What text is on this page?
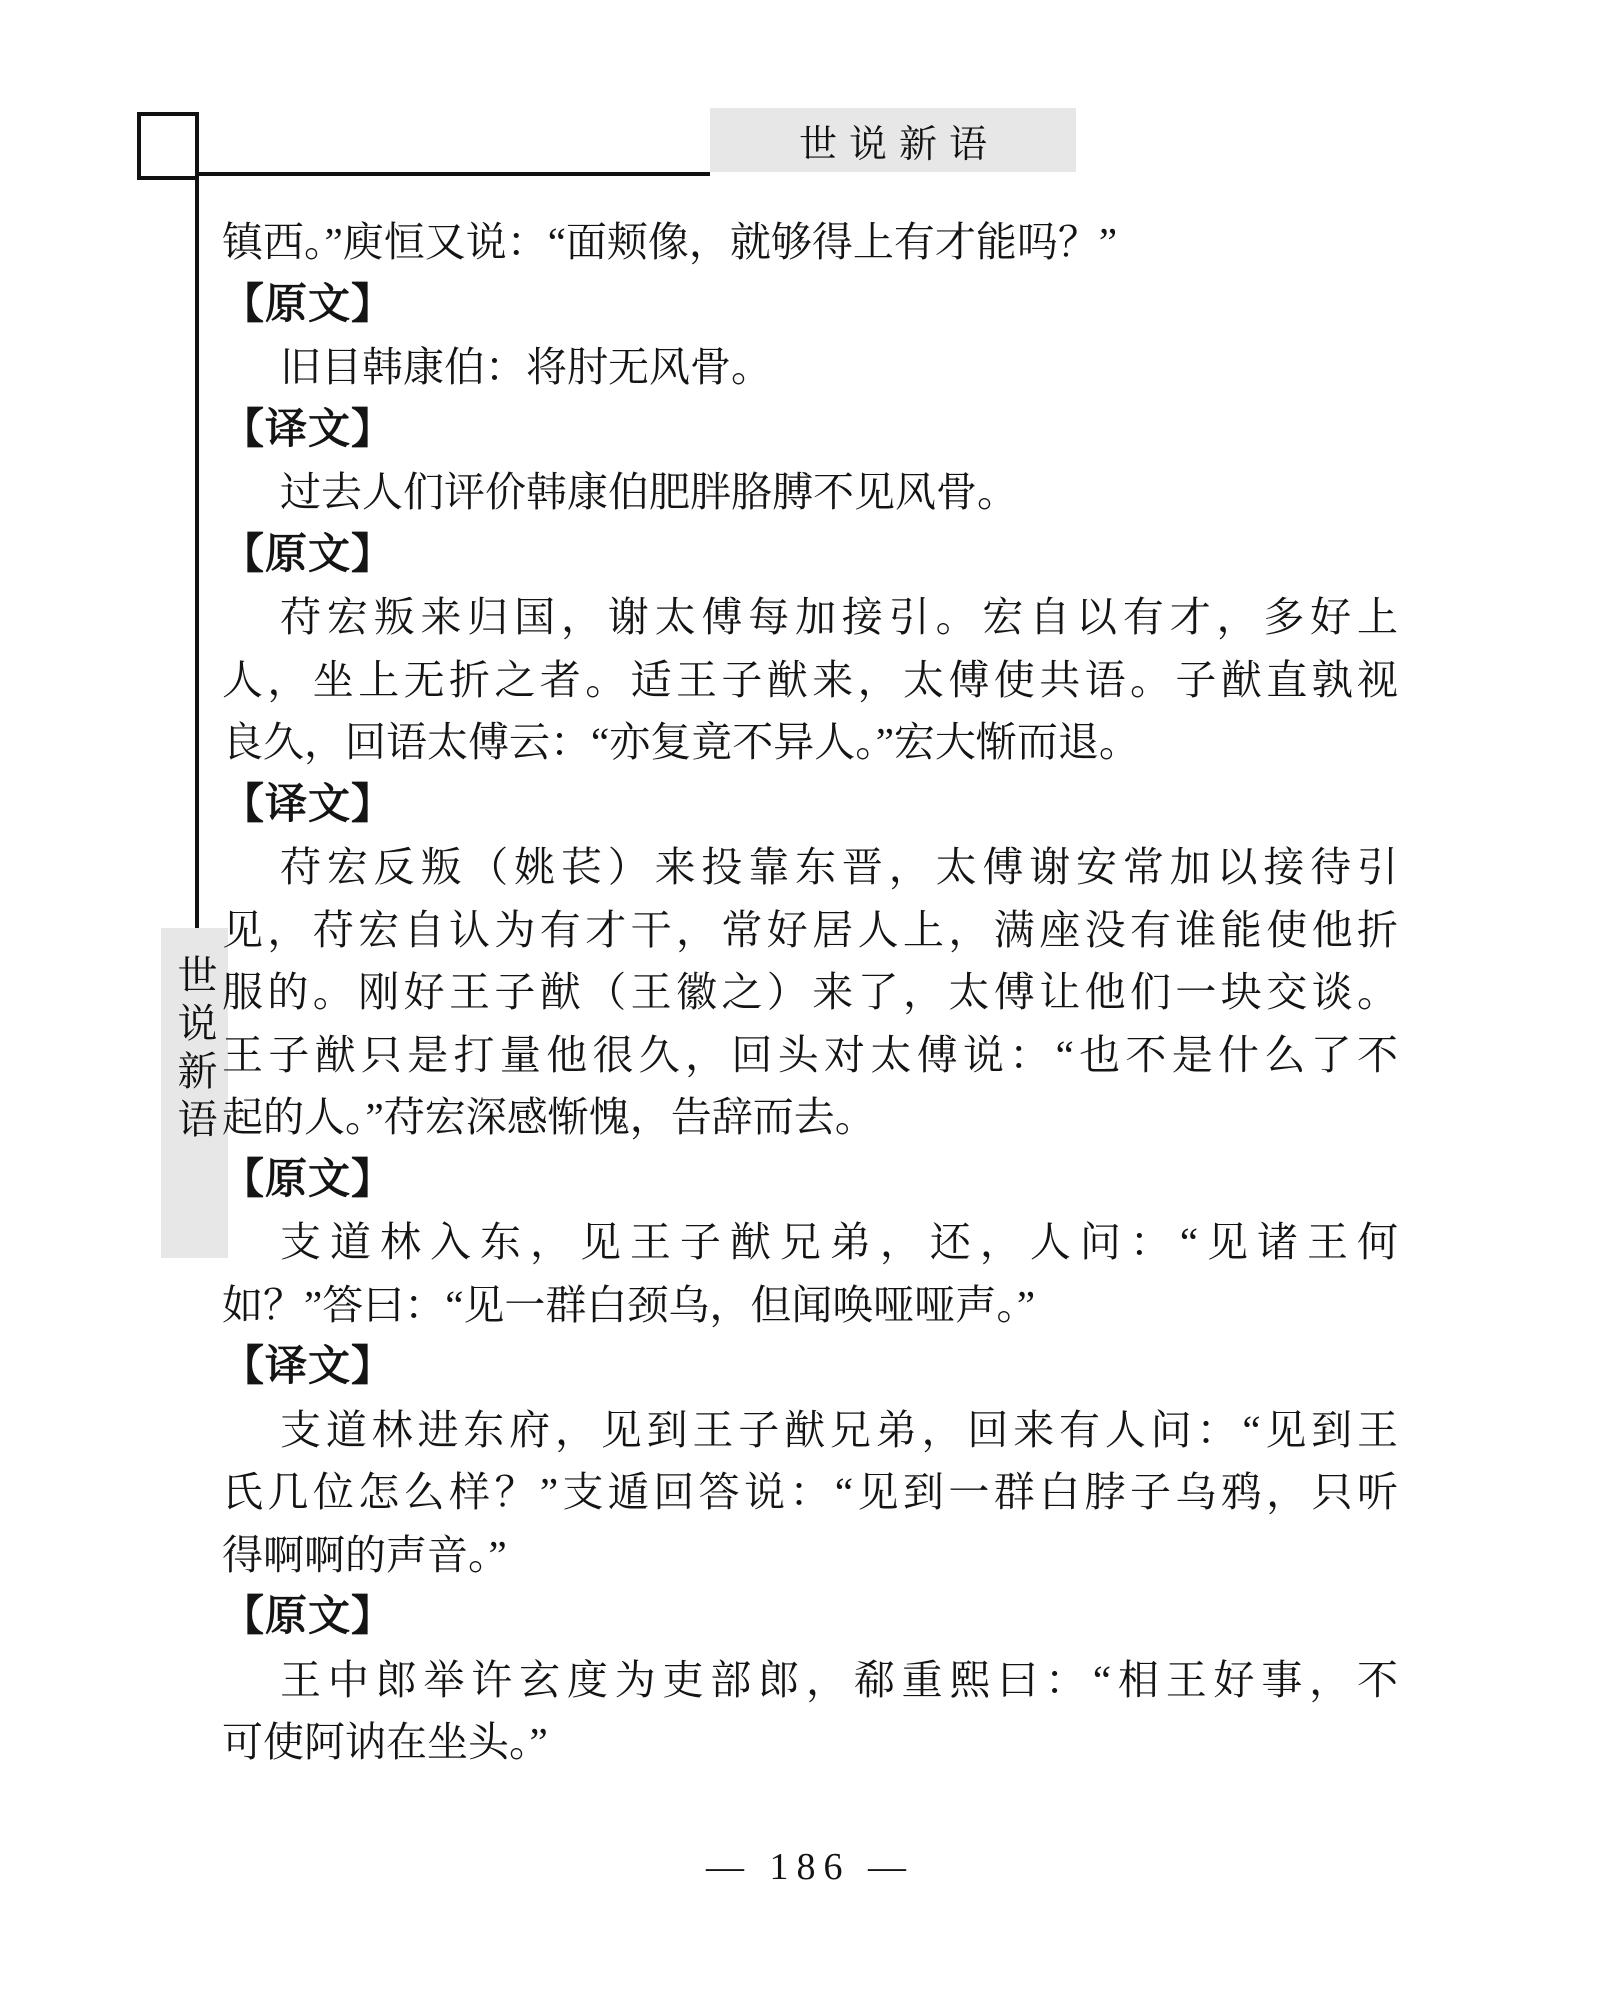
世说新语
世说新语
镇西。”庾恒又说：“面颊像，就够得上有才能吗？”
【原文】
旧目韩康伯：将肘无风骨。
【译文】
过去人们评价韩康伯肥胖胳膊不见风骨。
【原文】
苻宏叛来归国，谢太傅每加接引。宏自以有才，多好上
人，坐上无折之者。适王子猷来，太傅使共语。子猷直孰视
良久，回语太傅云：“亦复竟不异人。”宏大惭而退。
【译文】
苻宏反叛（姚苌）来投靠东晋，太傅谢安常加以接待引
见，苻宏自认为有才干，常好居人上，满座没有谁能使他折
服的。刚好王子猷（王徽之）来了，太傅让他们一块交谈。
王子猷只是打量他很久，回头对太傅说：“也不是什么了不
起的人。”苻宏深感惭愧，告辞而去。
【原文】
支道林入东，见王子猷兄弟，还，人问：“见诸王何
如？”答曰：“见一群白颈乌，但闻唤哑哑声。”
【译文】
支道林进东府，见到王子猷兄弟，回来有人问：“见到王
氏几位怎么样？”支遁回答说：“见到一群白脖子乌鸦，只听
得啊啊的声音。”
【原文】
王中郎举许玄度为吏部郎，郗重熙曰：“相王好事，不
可使阿讷在坐头。”
— 186 —
